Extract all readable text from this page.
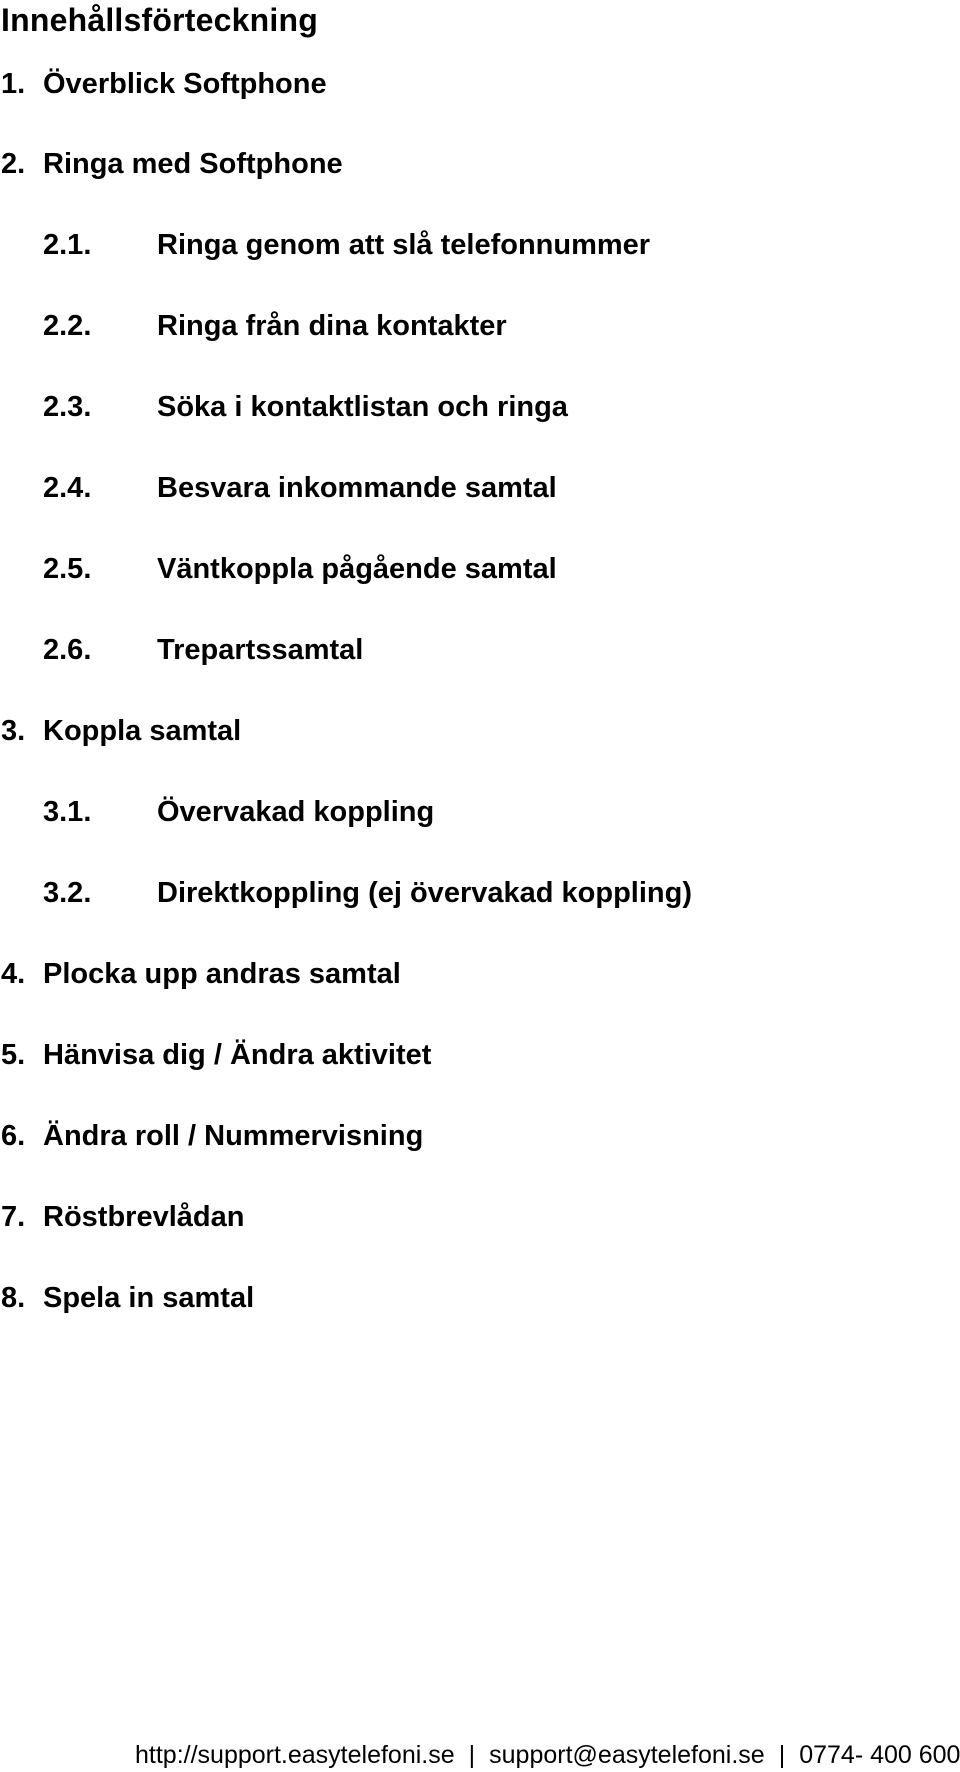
Innehållsförteckning
1. Överblick Softphone
2. Ringa med Softphone
2.1. Ringa genom att slå telefonnummer
2.2. Ringa från dina kontakter
2.3. Söka i kontaktlistan och ringa
2.4. Besvara inkommande samtal
2.5. Väntkoppla pågående samtal
2.6. Trepartssamtal
3. Koppla samtal
3.1. Övervakad koppling
3.2. Direktkoppling (ej övervakad koppling)
4. Plocka upp andras samtal
5. Hänvisa dig / Ändra aktivitet
6. Ändra roll / Nummervisning
7. Röstbrevlådan
8. Spela in samtal
http://support.easytelefoni.se | support@easytelefoni.se | 0774- 400 600
